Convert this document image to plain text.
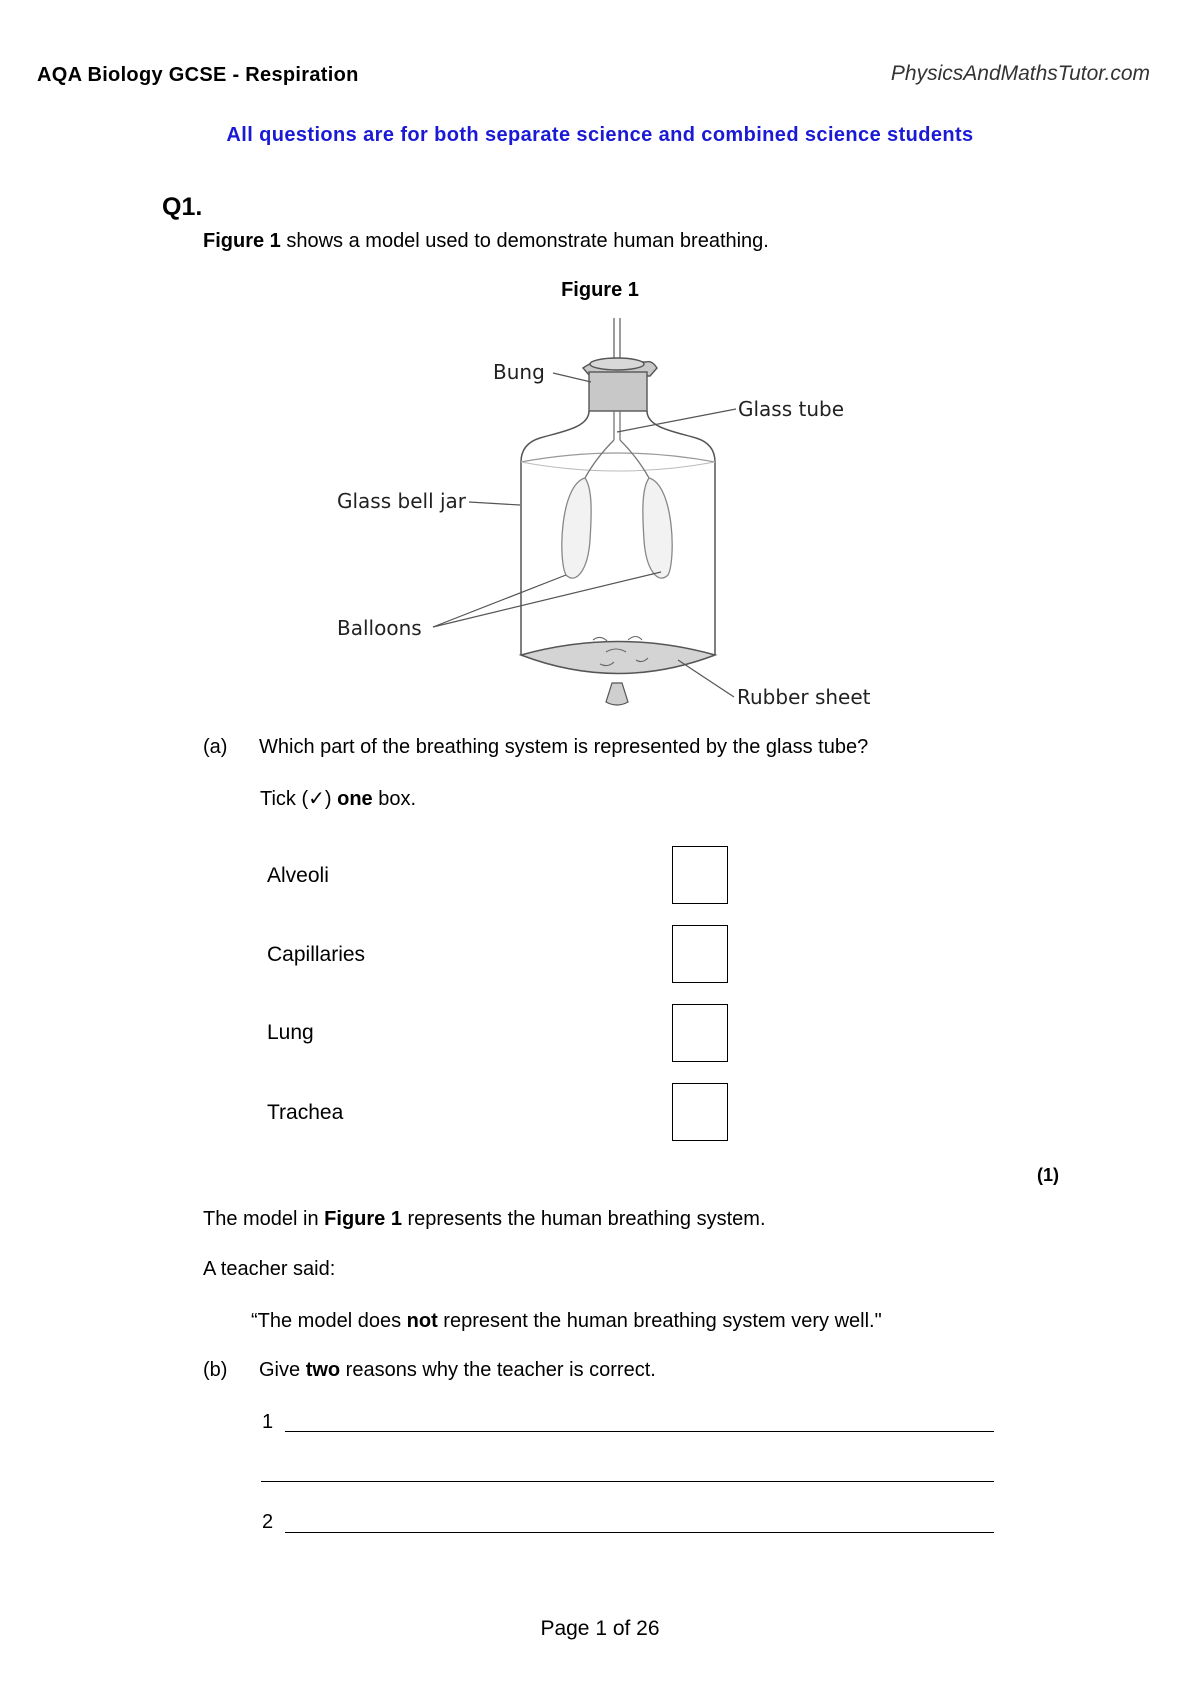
AQA Biology GCSE - Respiration	PhysicsAndMathsTutor.com
All questions are for both separate science and combined science students
Q1.
Figure 1 shows a model used to demonstrate human breathing.
Figure 1
Bung
Glass tube
Glass bell jar
Balloons
Rubber sheet
(a) Which part of the breathing system is represented by the glass tube?
Tick (✓) one box.
Alveoli
Capillaries
Lung
Trachea
(1)
The model in Figure 1 represents the human breathing system.
A teacher said:
“The model does not represent the human breathing system very well."
(b) Give two reasons why the teacher is correct.
1
2
Page 1 of 26
